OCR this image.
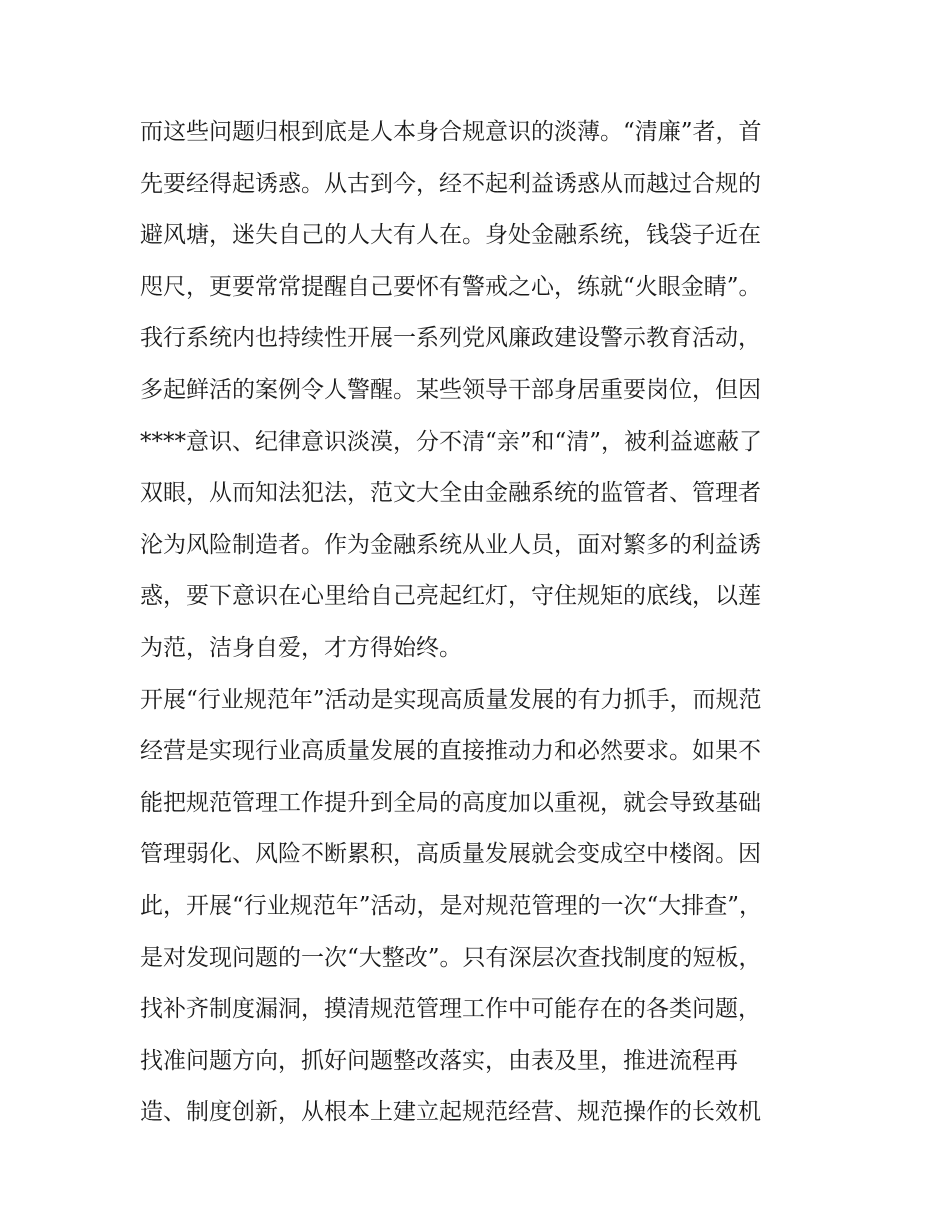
而这些问题归根到底是人本身合规意识的淡薄。“清廉”者，首
先要经得起诱惑。从古到今，经不起利益诱惑从而越过合规的
避风塘，迷失自己的人大有人在。身处金融系统，钱袋子近在
咫尺，更要常常提醒自己要怀有警戒之心，练就“火眼金睛”。
我行系统内也持续性开展一系列党风廉政建设警示教育活动，
多起鲜活的案例令人警醒。某些领导干部身居重要岗位，但因
****意识、纪律意识淡漠，分不清“亲”和“清”，被利益遮蔽了
双眼，从而知法犯法，范文大全由金融系统的监管者、管理者
沦为风险制造者。作为金融系统从业人员，面对繁多的利益诱
惑，要下意识在心里给自己亮起红灯，守住规矩的底线，以莲
为范，洁身自爱，才方得始终。
开展“行业规范年”活动是实现高质量发展的有力抓手，而规范
经营是实现行业高质量发展的直接推动力和必然要求。如果不
能把规范管理工作提升到全局的高度加以重视，就会导致基础
管理弱化、风险不断累积，高质量发展就会变成空中楼阁。因
此，开展“行业规范年”活动，是对规范管理的一次“大排查”，
是对发现问题的一次“大整改”。只有深层次查找制度的短板，
找补齐制度漏洞，摸清规范管理工作中可能存在的各类问题，
找准问题方向，抓好问题整改落实，由表及里，推进流程再
造、制度创新，从根本上建立起规范经营、规范操作的长效机
